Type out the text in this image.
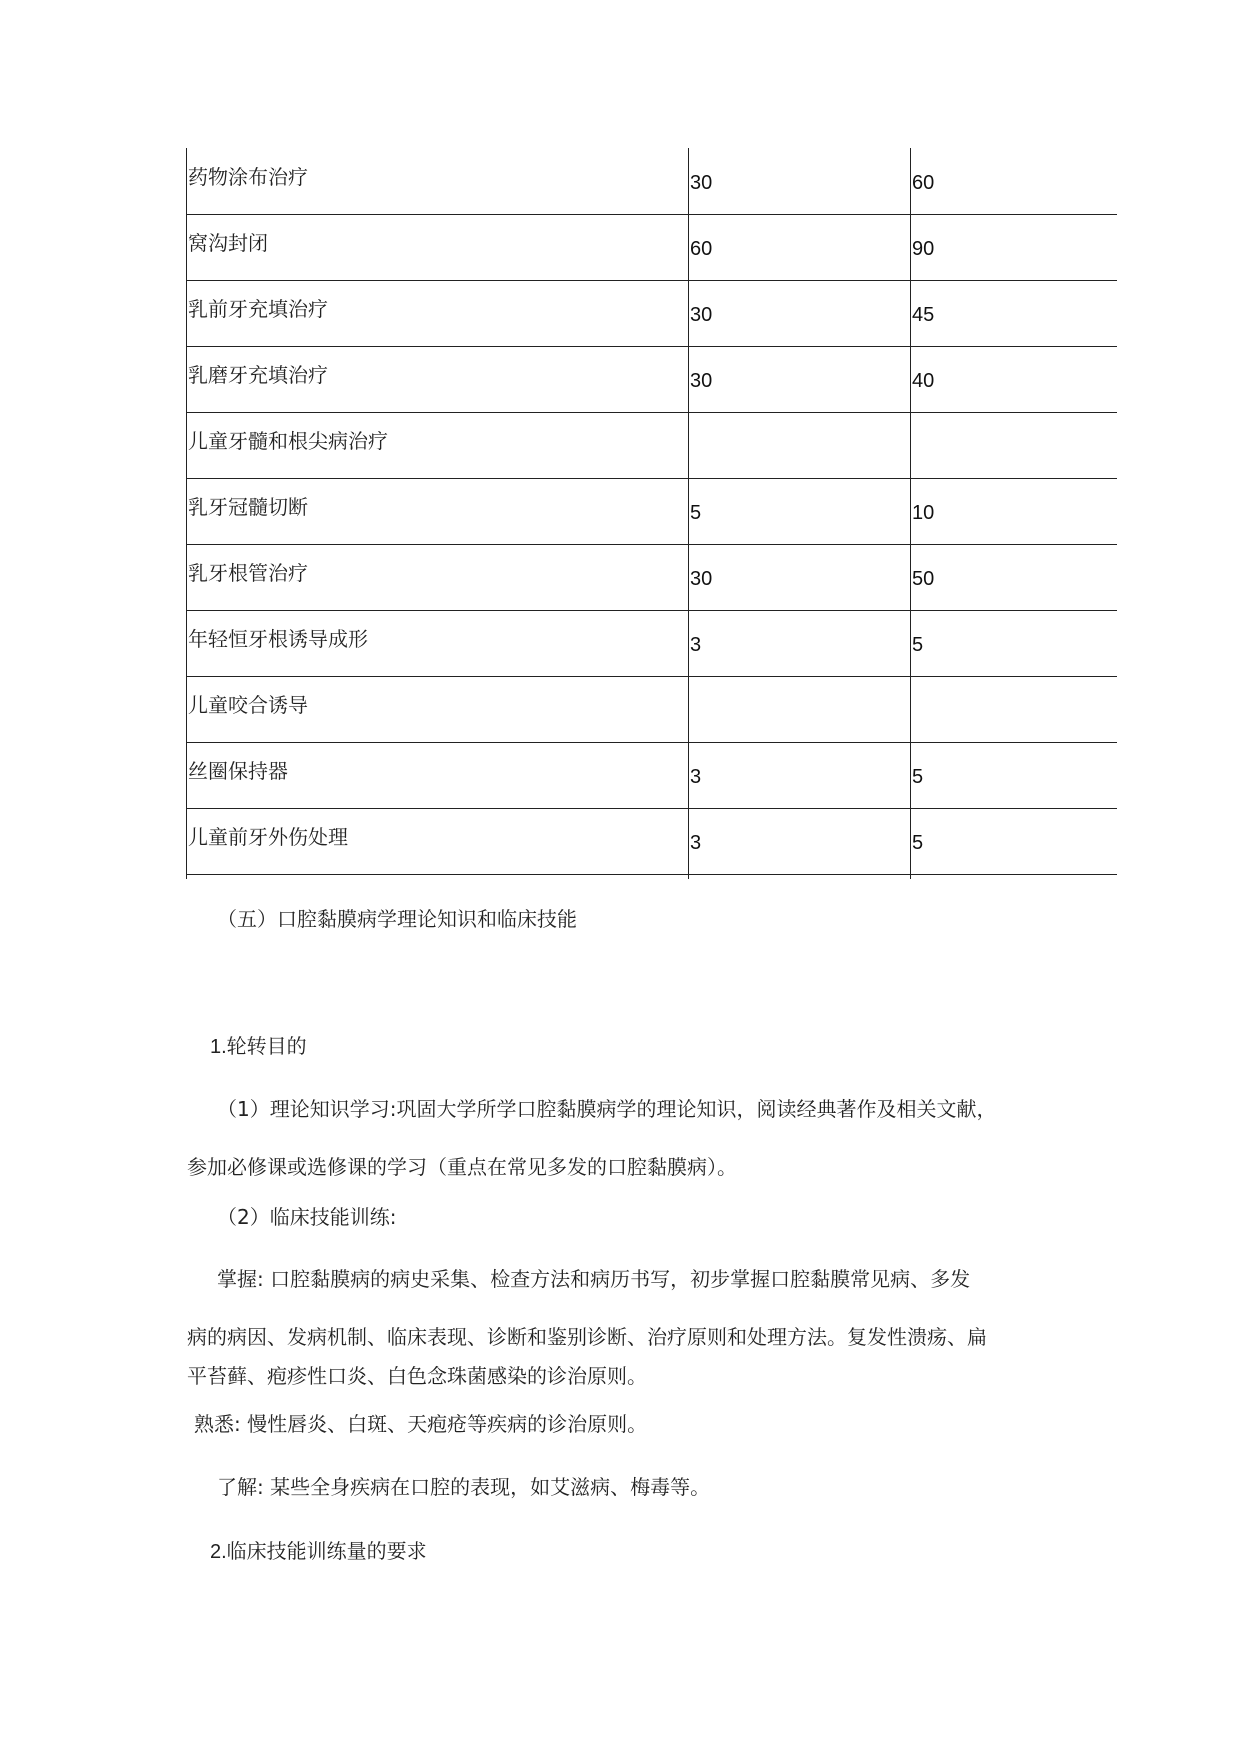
药物涂布治疗	30	60
窝沟封闭	60	90
乳前牙充填治疗	30	45
乳磨牙充填治疗	30	40
儿童牙髓和根尖病治疗
乳牙冠髓切断	5	10
乳牙根管治疗	30	50
年轻恒牙根诱导成形	3	5
儿童咬合诱导
丝圈保持器	3	5
儿童前牙外伤处理	3	5
（五）口腔黏膜病学理论知识和临床技能
1.轮转目的
（1）理论知识学习:巩固大学所学口腔黏膜病学的理论知识，阅读经典著作及相关文献，
参加必修课或选修课的学习（重点在常见多发的口腔黏膜病）。
（2）临床技能训练:
掌握: 口腔黏膜病的病史采集、检查方法和病历书写，初步掌握口腔黏膜常见病、多发
病的病因、发病机制、临床表现、诊断和鉴别诊断、治疗原则和处理方法。复发性溃疡、扁
平苔藓、疱疹性口炎、白色念珠菌感染的诊治原则。
熟悉: 慢性唇炎、白斑、天疱疮等疾病的诊治原则。
了解: 某些全身疾病在口腔的表现，如艾滋病、梅毒等。
2.临床技能训练量的要求
